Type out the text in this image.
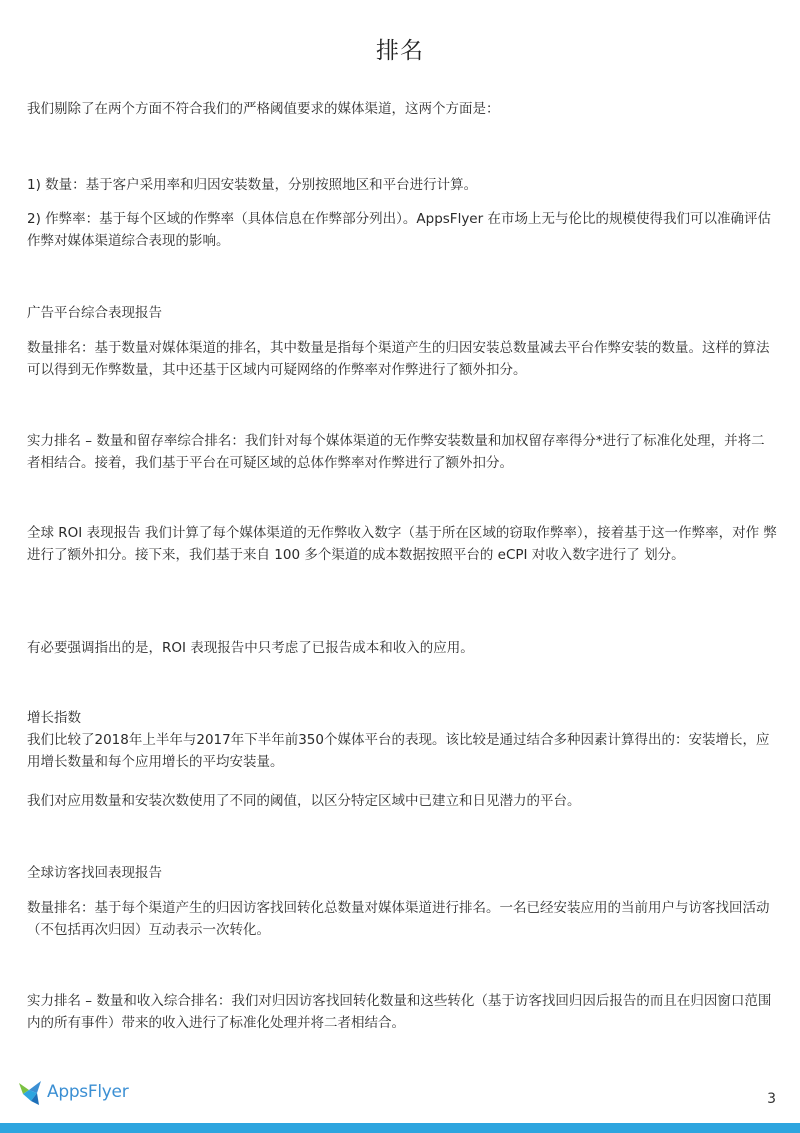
排名
我们剔除了在两个方面不符合我们的严格阈值要求的媒体渠道，这两个方面是：
1) 数量：基于客户采用率和归因安装数量，分别按照地区和平台进行计算。
2) 作弊率：基于每个区域的作弊率（具体信息在作弊部分列出）。AppsFlyer 在市场上无与伦比的规模使得我们可以准确评估作弊对媒体渠道综合表现的影响。
广告平台综合表现报告
数量排名：基于数量对媒体渠道的排名，其中数量是指每个渠道产生的归因安装总数量减去平台作弊安装的数量。这样的算法可以得到无作弊数量，其中还基于区域内可疑网络的作弊率对作弊进行了额外扣分。
实力排名 – 数量和留存率综合排名：我们针对每个媒体渠道的无作弊安装数量和加权留存率得分*进行了标准化处理，并将二者相结合。接着，我们基于平台在可疑区域的总体作弊率对作弊进行了额外扣分。
全球 ROI 表现报告 我们计算了每个媒体渠道的无作弊收入数字（基于所在区域的窃取作弊率），接着基于这一作弊率，对作 弊进行了额外扣分。接下来，我们基于来自 100 多个渠道的成本数据按照平台的 eCPI 对收入数字进行了 划分。
有必要强调指出的是，ROI 表现报告中只考虑了已报告成本和收入的应用。
增长指数
我们比较了2018年上半年与2017年下半年前350个媒体平台的表现。该比较是通过结合多种因素计算得出的：安装增长，应用增长数量和每个应用增长的平均安装量。
我们对应用数量和安装次数使用了不同的阈值，以区分特定区域中已建立和日见潜力的平台。
全球访客找回表现报告
数量排名：基于每个渠道产生的归因访客找回转化总数量对媒体渠道进行排名。一名已经安装应用的当前用户与访客找回活动（不包括再次归因）互动表示一次转化。
实力排名 – 数量和收入综合排名：我们对归因访客找回转化数量和这些转化（基于访客找回归因后报告的而且在归因窗口范围内的所有事件）带来的收入进行了标准化处理并将二者相结合。
AppsFlyer	3
